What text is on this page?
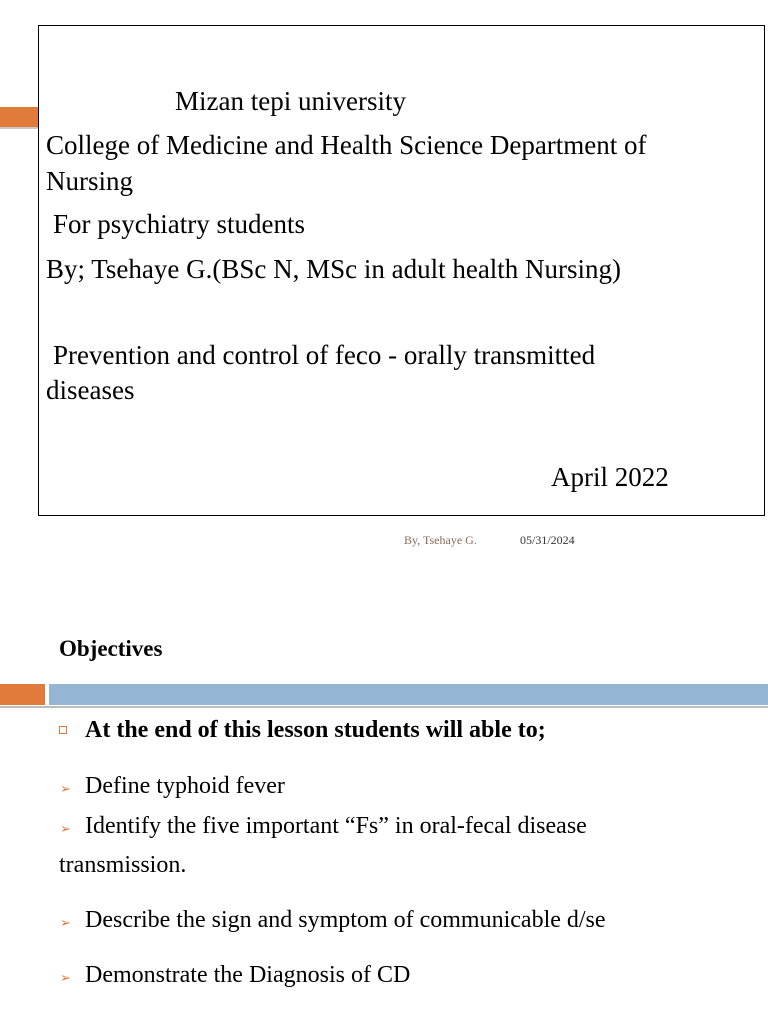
Mizan tepi university
College of Medicine and Health Science Department of
Nursing
For psychiatry students
By; Tsehaye G.(BSc N, MSc in adult health Nursing)
Prevention and control of feco - orally transmitted
diseases
April 2022
By, Tsehaye G.	05/31/2024
Objectives
At the end of this lesson students will able to;
➢ Define typhoid fever
➢ Identify the five important “Fs” in oral-fecal disease
transmission.
➢ Describe the sign and symptom of communicable d/se
➢ Demonstrate the Diagnosis of CD
